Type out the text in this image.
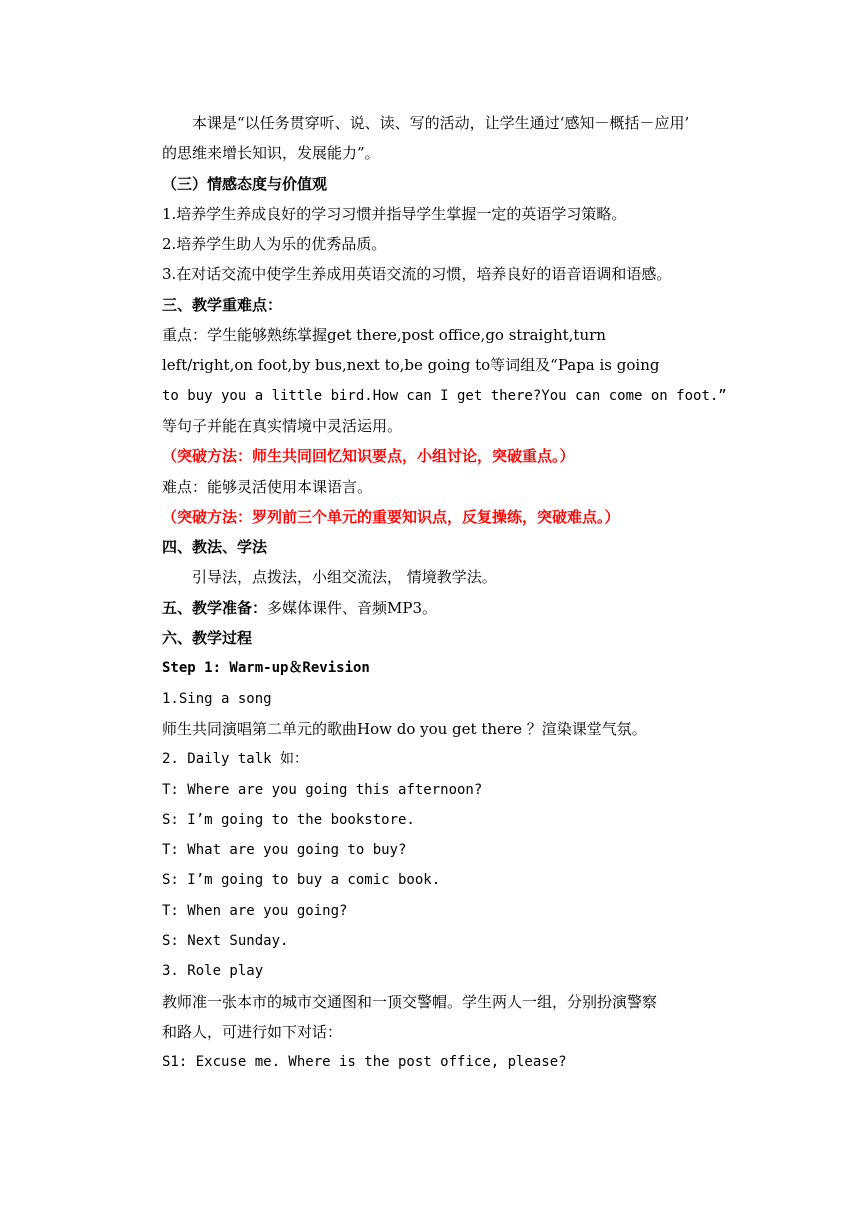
本课是“以任务贯穿听、说、读、写的活动，让学生通过‘感知－概括－应用’
的思维来增长知识，发展能力”。
（三）情感态度与价值观
1.培养学生养成良好的学习习惯并指导学生掌握一定的英语学习策略。
2.培养学生助人为乐的优秀品质。
3.在对话交流中使学生养成用英语交流的习惯，培养良好的语音语调和语感。
三、教学重难点：
重点：学生能够熟练掌握get there,post office,go straight,turn
left/right,on foot,by bus,next to,be going to等词组及“Papa is going
to buy you a little bird.How can I get there?You can come on foot.”
等句子并能在真实情境中灵活运用。
（突破方法：师生共同回忆知识要点，小组讨论，突破重点。）
难点：能够灵活使用本课语言。
（突破方法：罗列前三个单元的重要知识点，反复操练，突破难点。）
四、教法、学法
引导法，点拨法，小组交流法， 情境教学法。
五、教学准备：多媒体课件、音频MP3。
六、教学过程
Step 1: Warm-up＆Revision
1.Sing a song
师生共同演唱第二单元的歌曲How do you get there ？渲染课堂气氛。
2. Daily talk 如：
T: Where are you going this afternoon?
S: I’m going to the bookstore.
T: What are you going to buy?
S: I’m going to buy a comic book.
T: When are you going?
S: Next Sunday.
3. Role play
教师准一张本市的城市交通图和一顶交警帽。学生两人一组，分别扮演警察
和路人，可进行如下对话：
S1: Excuse me. Where is the post office, please?
